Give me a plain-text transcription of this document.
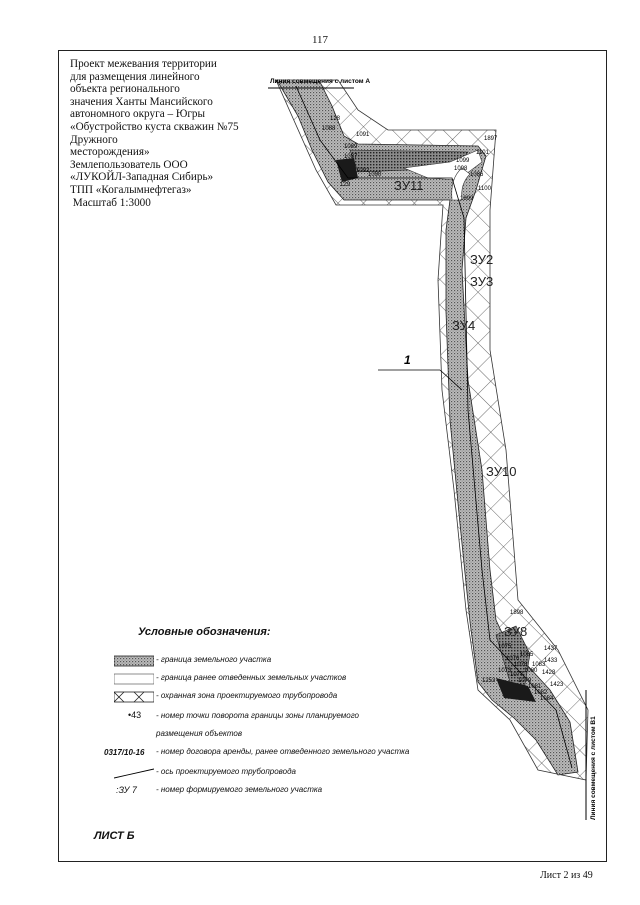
117
Линия совмещения с листом А
Линия совмещения с листом В1
1
ЗУ11
ЗУ2
ЗУ3
ЗУ4
ЗУ10
ЗУ8
1897
1091
1089
1088
1092
1090
1087
1101
1099
1098
1086
1100
1899
129
128
1898
1437
1433
1428
1423
1075
1073
1077
1079
1081
1083
1085
1076
1078
1080
1082
1084
1253
Проект межевания территории
для размещения линейного
объекта регионального
значения Ханты Мансийского
автономного округа – Югры
«Обустройство куста скважин №75
Дружного
месторождения»
Землепользователь ООО
«ЛУКОЙЛ-Западная Сибирь»
ТПП «Когалымнефтегаз»
Масштаб 1:3000
Условные обозначения:
- граница земельного участка
- граница ранее отведенных земельных участков
- охранная зона проектируемого трубопровода
•43	- номер точки поворота границы зоны планируемого
размещения объектов
0317/10-16	- номер договора аренды, ранее отведенного земельного участка
- ось проектируемого трубопровода
:ЗУ 7	- номер формируемого земельного участка
ЛИСТ Б
Лист 2 из 49
